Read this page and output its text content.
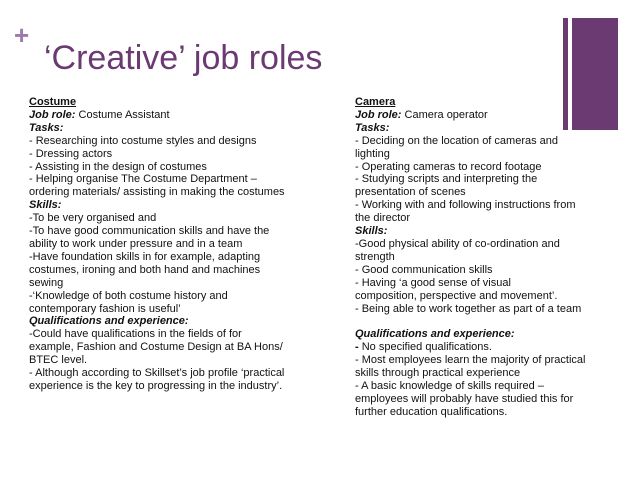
+
‘Creative’ job roles
Costume
Job role: Costume Assistant
Tasks:
- Researching into costume styles and designs
- Dressing actors
- Assisting in the design of costumes
- Helping organise The Costume Department –
ordering materials/ assisting in making the costumes
Skills:
-To be very organised and
-To have good communication skills and have the
ability to work under pressure and in a team
-Have foundation skills in for example, adapting
costumes, ironing and both hand and machines
sewing
-‘Knowledge of both costume history and
contemporary fashion is useful’
Qualifications and experience:
-Could have qualifications in the fields of for
example, Fashion and Costume Design at BA Hons/
BTEC level.
- Although according to Skillset’s job profile ‘practical
experience is the key to progressing in the industry’.
Camera
Job role: Camera operator
Tasks:
- Deciding on the location of cameras and
lighting
- Operating cameras to record footage
- Studying scripts and interpreting the
presentation of scenes
- Working with and following instructions from
the director
Skills:
-Good physical ability of co-ordination and
strength
- Good communication skills
- Having ‘a good sense of visual
composition, perspective and movement’.
- Being able to work together as part of a team
Qualifications and experience:
- No specified qualifications.
- Most employees learn the majority of practical
skills through practical experience
- A basic knowledge of skills required –
employees will probably have studied this for
further education qualifications.
